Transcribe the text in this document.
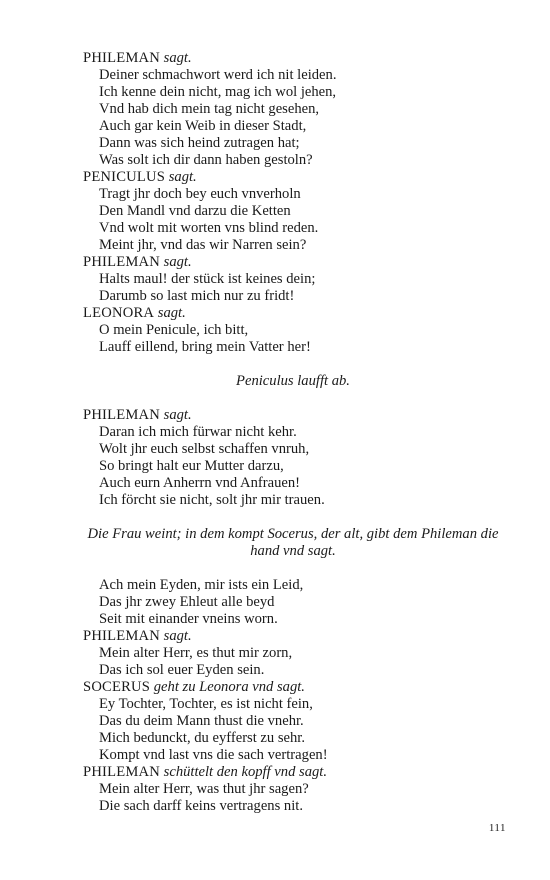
PHILEMAN sagt.
Deiner schmachwort werd ich nit leiden.
Ich kenne dein nicht, mag ich wol jehen,
Vnd hab dich mein tag nicht gesehen,
Auch gar kein Weib in dieser Stadt,
Dann was sich heind zutragen hat;
Was solt ich dir dann haben gestoln?
PENICULUS sagt.
Tragt jhr doch bey euch vnverholn
Den Mandl vnd darzu die Ketten
Vnd wolt mit worten vns blind reden.
Meint jhr, vnd das wir Narren sein?
PHILEMAN sagt.
Halts maul! der stück ist keines dein;
Darumb so last mich nur zu fridt!
LEONORA sagt.
O mein Penicule, ich bitt,
Lauff eillend, bring mein Vatter her!

Peniculus laufft ab.

PHILEMAN sagt.
Daran ich mich fürwar nicht kehr.
Wolt jhr euch selbst schaffen vnruh,
So bringt halt eur Mutter darzu,
Auch eurn Anherrn vnd Anfrauen!
Ich förcht sie nicht, solt jhr mir trauen.

Die Frau weint; in dem kompt Socerus, der alt, gibt dem Phileman die hand vnd sagt.

Ach mein Eyden, mir ists ein Leid,
Das jhr zwey Ehleut alle beyd
Seit mit einander vneins worn.
PHILEMAN sagt.
Mein alter Herr, es thut mir zorn,
Das ich sol euer Eyden sein.
SOCERUS geht zu Leonora vnd sagt.
Ey Tochter, Tochter, es ist nicht fein,
Das du deim Mann thust die vnehr.
Mich bedunckt, du eyfferst zu sehr.
Kompt vnd last vns die sach vertragen!
PHILEMAN schüttelt den kopff vnd sagt.
Mein alter Herr, was thut jhr sagen?
Die sach darff keins vertragens nit.
111
